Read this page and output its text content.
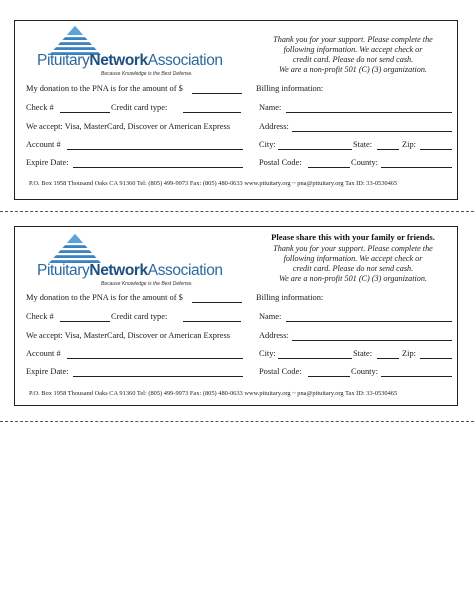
PituitaryNetworkAssociation
Because Knowledge is the Best Defense.
Thank you for your support. Please complete the
following information. We accept check or
credit card. Please do not send cash.
We are a non-profit 501 (C) (3) organization.
My donation to the PNA is for the amount of $
Check #	Credit card type:
We accept: Visa, MasterCard, Discover or American Express
Account #
Expire Date:
Billing information:
Name:
Address:
City:	State:	Zip:
Postal Code:	County:
P.O. Box 1958 Thousand Oaks CA 91360 Tel: (805) 499-9973 Fax: (805) 480-0633 www.pituitary.org ~ pna@pituitary.org Tax ID: 33-0530465
PituitaryNetworkAssociation
Because Knowledge is the Best Defense.
Please share this with your family or friends.
Thank you for your support. Please complete the
following information. We accept check or
credit card. Please do not send cash.
We are a non-profit 501 (C) (3) organization.
My donation to the PNA is for the amount of $
Check #	Credit card type:
We accept: Visa, MasterCard, Discover or American Express
Account #
Expire Date:
Billing information:
Name:
Address:
City:	State:	Zip:
Postal Code:	County:
P.O. Box 1958 Thousand Oaks CA 91360 Tel: (805) 499-9973 Fax: (805) 480-0633 www.pituitary.org ~ pna@pituitary.org Tax ID: 33-0530465
